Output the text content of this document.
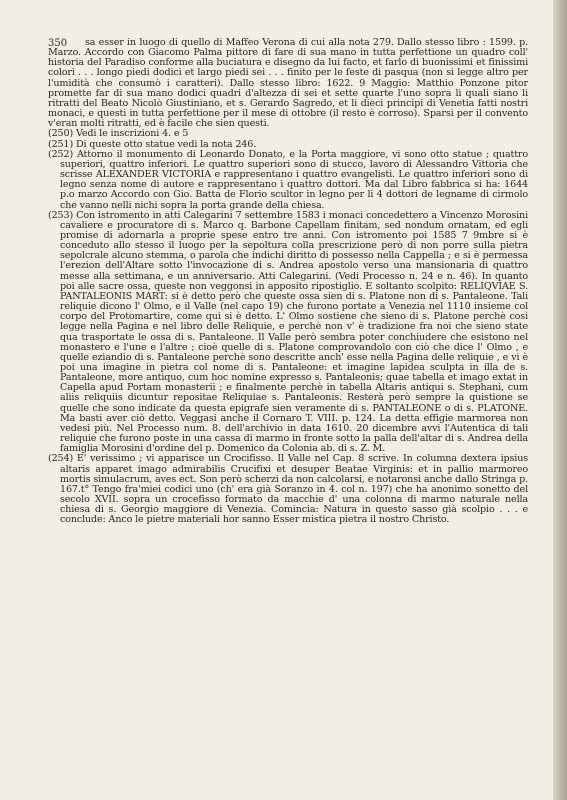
sa esser in luogo di quello di Maffeo Verona di cui alla nota 279. Dallo stesso libro : 1599. p. Marzo. Accordo con Giacomo Palma pittore di fare di sua mano in tutta perfettione un quadro coll' historia del Paradiso conforme alla buciatura e disegno da lui facto, et farlo di buonissimi et finissimi colori . . . longo piedi dodici et largo piedi sei . . . finito per le feste di pasqua (non si legge altro per l'umidità che consumò i caratteri). Dallo stesso libro: 1622. 9 Maggio: Matthio Ponzone pitor promette far di sua mano dodici quadri d'altezza di sei et sette quarte l'uno sopra li quali siano li ritratti del Beato Nicolò Giustiniano, et s. Gerardo Sagredo, et li dieci principi di Venetia fatti nostri monaci, e questi in tutta perfettione per il mese di ottobre (il resto è corroso). Sparsi per il convento v'eran molti ritratti, ed è facile che sien questi.

(250) Vedi le inscrizioni 4. e 5

(251) Di queste otto statue vedi la nota 246.

(252) Attorno il monumento di Leonardo Donato, e la Porta maggiore, vi sono otto statue ; quattro superiori, quattro inferiori. Le quattro superiori sono di stucco, lavoro di Alessandro Vittoria che scrisse ALEXANDER VICTORIA e rappresentano i quattro evangelisti. Le quattro inferiori sono di legno senza nome di autore e rappresentano i quattro dottori. Ma dal Libro fabbrica si ha: 1644 p.o marzo Accordo con Gio. Batta de Florio scultor in legno per li 4 dottori de legname di cirmolo che vanno nelli nichi sopra la porta grande della chiesa.

(253) Con istromento in atti Calegarini 7 settembre 1583 i monaci concedettero a Vincenzo Morosini cavaliere e procuratore di s. Marco q. Barbone Capellam finitam, sed nondum ornatam, ed egli promise di adornarla a proprie spese entro tre anni. Con istromento poi 1585 7 9mbre si è conceduto allo stesso il luogo per la sepoltura colla prescrizione però di non porre sulla pietra sepolcrale alcuno stemma, o parola che indichi diritto di possesso nella Cappella ; e si è permessa l'erezion dell'Altare sotto l'invocazione di s. Andrea apostolo verso una mansionaria di quattro messe alla settimana, e un anniversario. Atti Calegarini. (Vedi Processo n. 24 e n. 46). In quanto poi alle sacre ossa, queste non veggonsi in apposito ripostiglio. E soltanto scolpito: RELIQVIAE S. PANTALEONIS MART: si è detto però che queste ossa sien di s. Platone non di s. Pantaleone. Tali reliquie dicono l' Olmo, e il Valle (nel capo 19) che furono portate a Venezia nel 1110 insieme col corpo del Protomartire, come qui si è detto. L' Olmo sostiene che sieno di s. Platone perchè così legge nella Pagina e nel libro delle Reliquie, e perchè non v' è tradizione fra noi che sieno state qua trasportate le ossa di s. Pantaleone. Il Valle però sembra poter conchiudere che esistono nel monastero e l'une e l'altre ; cioè quelle di s. Platone comprovandolo con ciò che dice l' Olmo , e quelle eziandio di s. Pantaleone perchè sono descritte anch' esse nella Pagina delle reliquie , e vi è poi una imagine in pietra col nome di s. Pantaleone: et imagine lapidea sculpta in illa de s. Pantaleone, more antiquo, cum hoc nomine expresso s. Pantaleonis; quae tabella et imago extat in Capella apud Portam monasterii ; e finalmente perchè in tabella Altaris antiqui s. Stephani, cum aliis reliquiis dicuntur repositae Reliquiae s. Pantaleonis. Resterà però sempre la quistione se quelle che sono indicate da questa epigrafe sien veramente di s. PANTALEONE o di s. PLATONE. Ma basti aver ciò detto. Veggasi anche il Cornaro T. VIII. p. 124. La detta effigie marmorea non vedesi più. Nel Processo num. 8. dell'archivio in data 1610. 20 dicembre avvi l'Autentica di tali reliquie che furono poste in una cassa di marmo in fronte sotto la palla dell'altar di s. Andrea della famiglia Morosini d'ordine del p. Domenico da Colonia ab. di s. Z. M.

(254) E' verissimo ; vi apparisce un Crocifisso. Il Valle nel Cap. 8 scrive. In columna dextera ipsius altaris apparet imago admirabilis Crucifixi et desuper Beatae Virginis: et in pallio marmoreo mortis simulacrum, aves ect. Son però scherzi da non calcolarsi, e notaronsi anche dallo Stringa p. 167.t° Tengo fra'miei codici uno (ch' era già Soranzo in 4. col n. 197) che ha anonimo sonetto del secolo XVII. sopra un crocefisso formato da macchie d' una colonna di marmo naturale nella chiesa di s. Georgio maggiore di Venezia. Comincia: Natura in questo sasso già scolpio . . . e conclude: Anco le pietre materiali hor sanno Esser mistica pietra il nostro Christo.

350
